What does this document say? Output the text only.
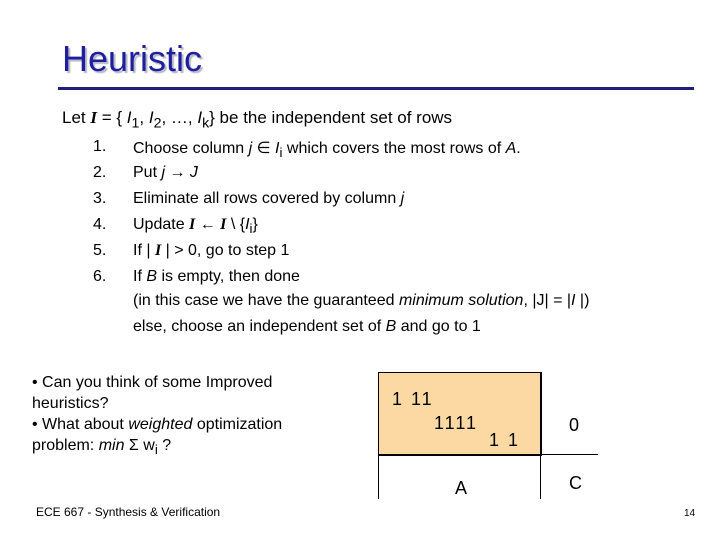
Heuristic
Let I = { $I_1$, $I_2$, …, $I_k$} be the independent set of rows
1.	Choose column j ∈ $I_i$ which covers the most rows of A.
2.	Put j → J
3.	Eliminate all rows covered by column j
4.	Update I ← I \ $\{I_i\}$
5.	If | I | > 0, go to step 1
6.	If B is empty, then done
(in this case we have the guaranteed minimum solution, |J| = |I |)
else, choose an independent set of B and go to 1
• Can you think of some Improved heuristics?
• What about weighted optimization problem: min Σ $w_i$ ?
1 11
1111
1 1
0
A	C
ECE 667 - Synthesis & Verification	14
